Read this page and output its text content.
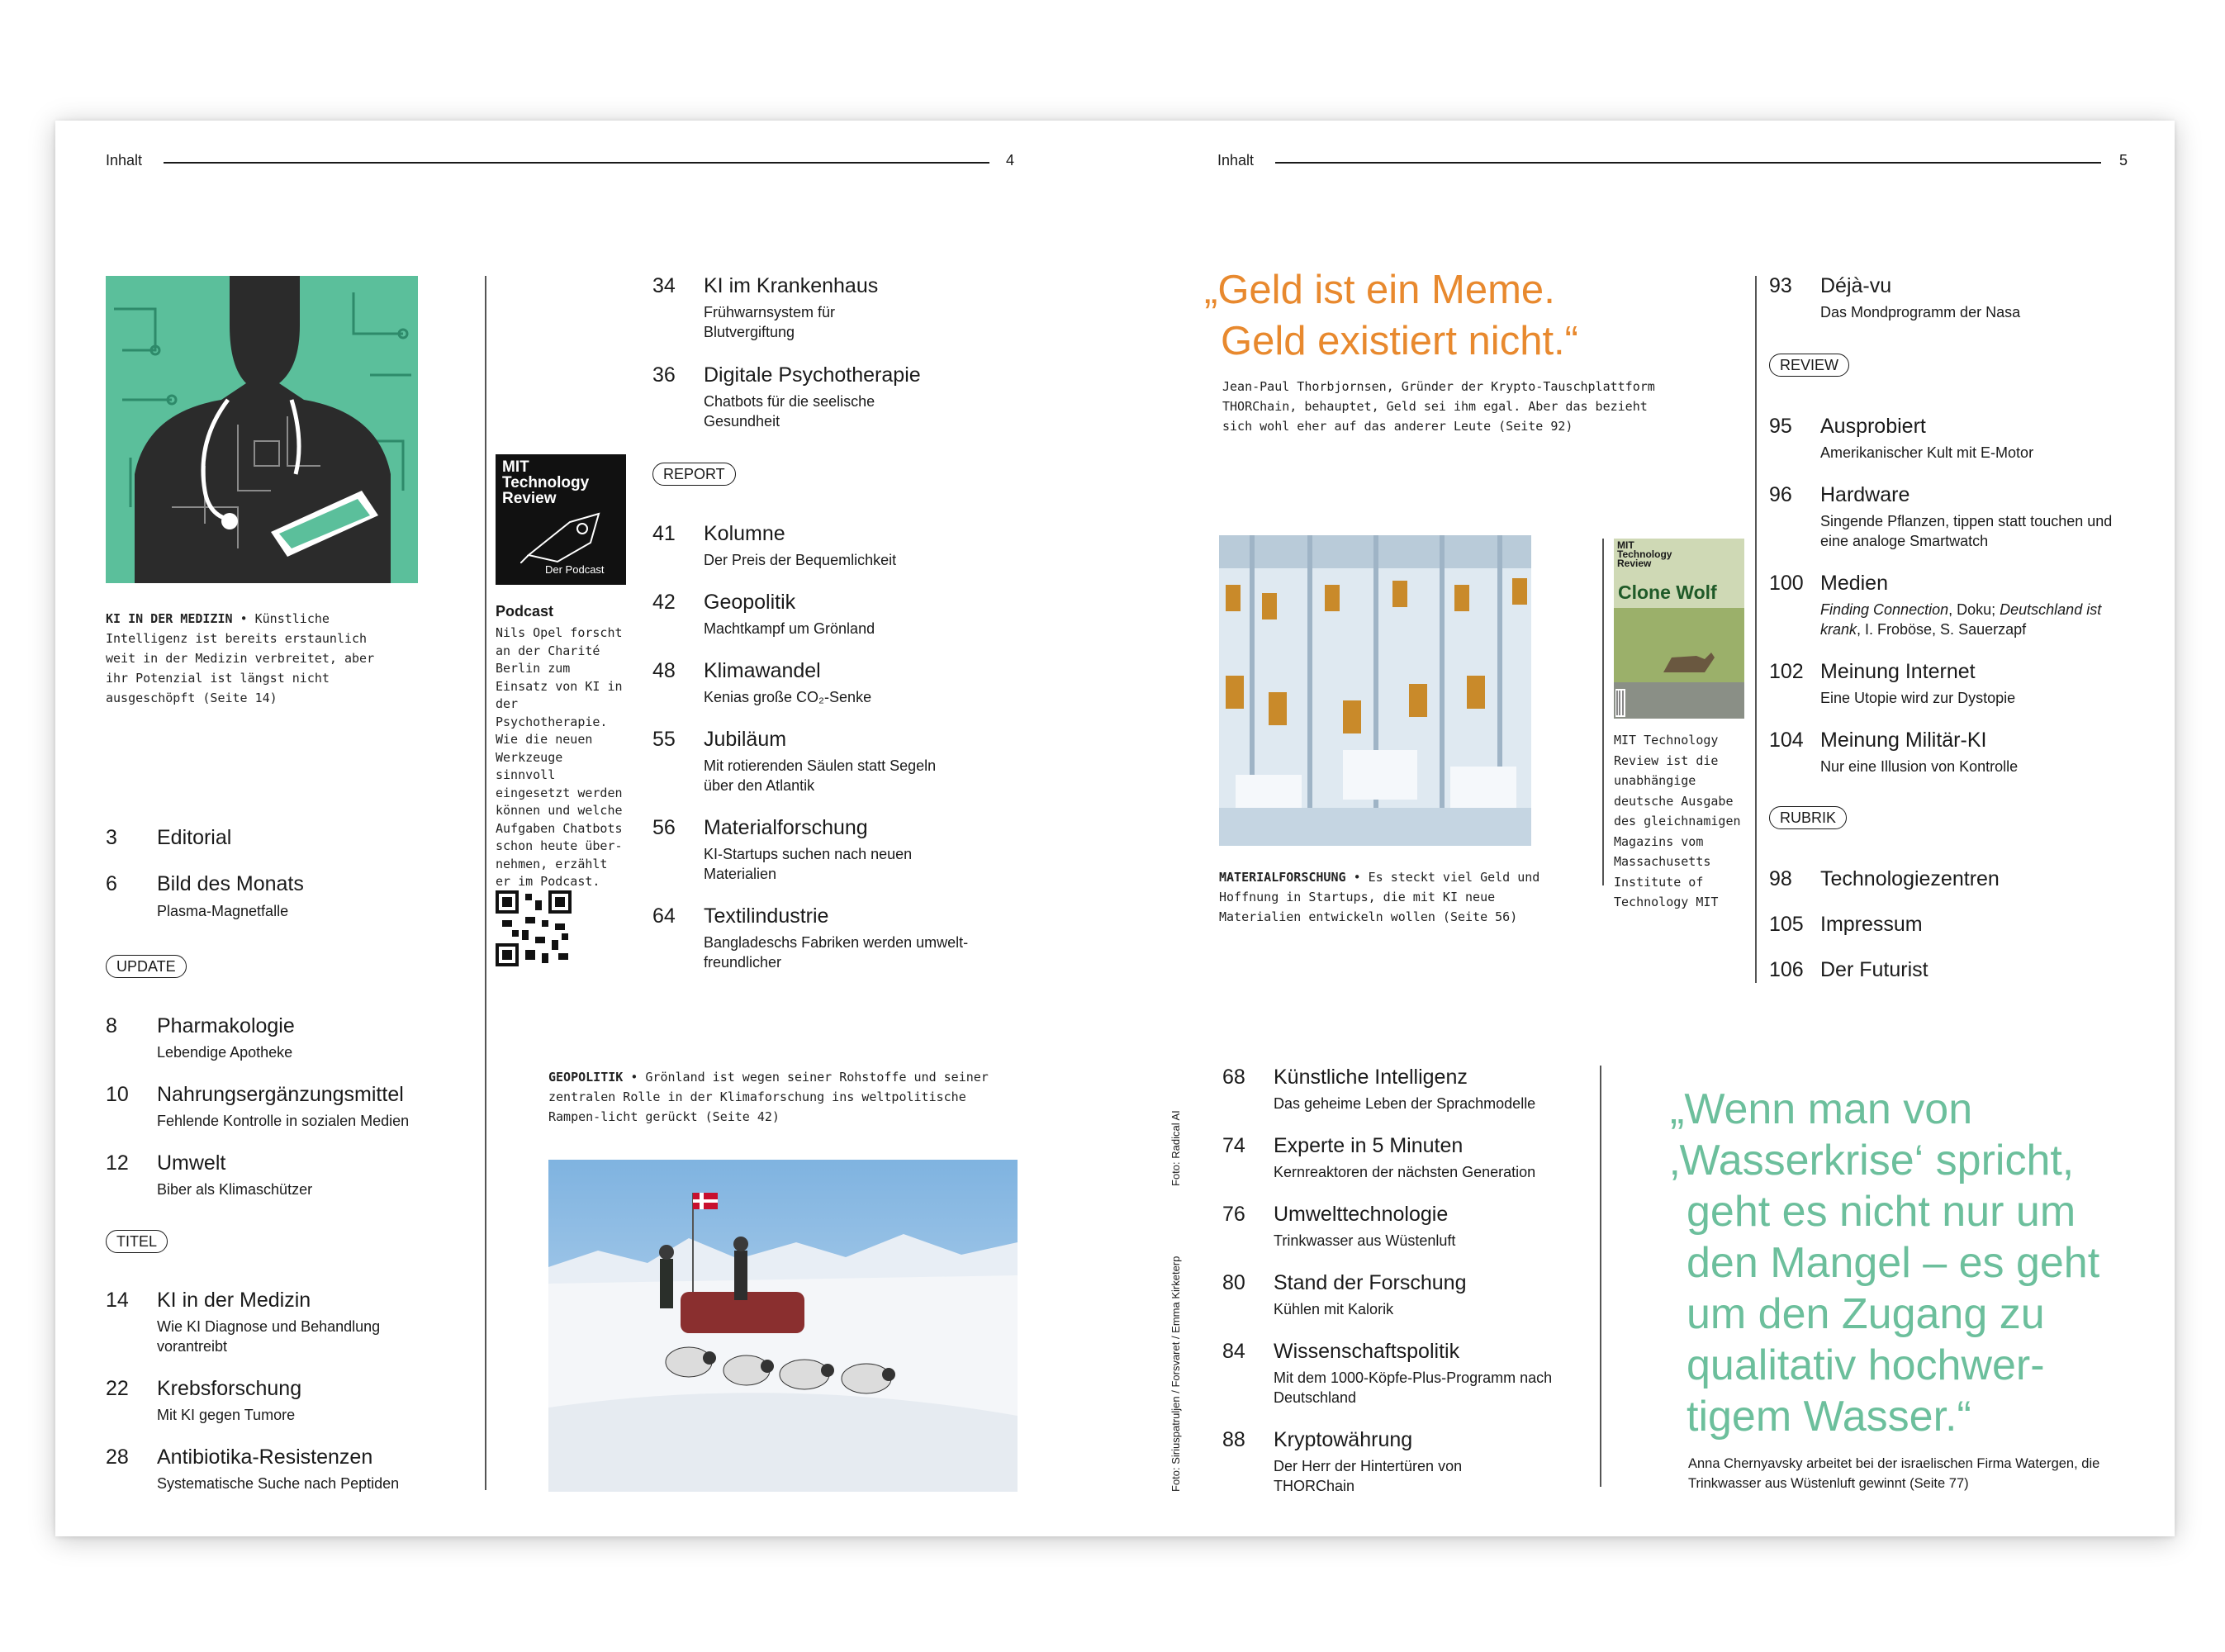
Inhalt	4	Inhalt	5
KI IN DER MEDIZIN • Künstliche Intelligenz ist bereits erstaunlich weit in der Medizin verbreitet, aber ihr Potenzial ist längst nicht ausgeschöpft (Seite 14)
MIT
Technology
Review
Der Podcast
Podcast
Nils Opel forscht an der Charité Berlin zum Einsatz von KI in der Psychotherapie. Wie die neuen Werkzeuge sinnvoll eingesetzt werden können und welche Aufgaben Chatbots schon heute über-nehmen, erzählt er im Podcast.
3 Editorial
6 Bild des Monats
Plasma-Magnetfalle
UPDATE
8 Pharmakologie
Lebendige Apotheke
10 Nahrungsergänzungsmittel
Fehlende Kontrolle in sozialen Medien
12 Umwelt
Biber als Klimaschützer
TITEL
14 KI in der Medizin
Wie KI Diagnose und Behandlung vorantreibt
22 Krebsforschung
Mit KI gegen Tumore
28 Antibiotika-Resistenzen
Systematische Suche nach Peptiden
34 KI im Krankenhaus
Frühwarnsystem für Blutvergiftung
36 Digitale Psychotherapie
Chatbots für die seelische Gesundheit
REPORT
41 Kolumne
Der Preis der Bequemlichkeit
42 Geopolitik
Machtkampf um Grönland
48 Klimawandel
Kenias große CO₂-Senke
55 Jubiläum
Mit rotierenden Säulen statt Segeln über den Atlantik
56 Materialforschung
KI-Startups suchen nach neuen Materialien
64 Textilindustrie
Bangladeschs Fabriken werden umwelt-freundlicher
GEOPOLITIK • Grönland ist wegen seiner Rohstoffe und seiner zentralen Rolle in der Klimaforschung ins weltpolitische Rampen-licht gerückt (Seite 42)
„Geld ist ein Meme.
Geld existiert nicht.“
Jean-Paul Thorbjornsen, Gründer der Krypto-Tauschplattform THORChain, behauptet, Geld sei ihm egal. Aber das bezieht sich wohl eher auf das anderer Leute (Seite 92)
MATERIALFORSCHUNG • Es steckt viel Geld und Hoffnung in Startups, die mit KI neue Materialien entwickeln wollen (Seite 56)
MIT
Technology
Review
Clone Wolf
MIT Technology Review ist die unabhängige deutsche Ausgabe des gleichnamigen Magazins vom Massachusetts Institute of Technology MIT
Foto: Radical AI
Foto: Siriuspatruljen / Forsvaret / Emma Kirketerp
68 Künstliche Intelligenz
Das geheime Leben der Sprachmodelle
74 Experte in 5 Minuten
Kernreaktoren der nächsten Generation
76 Umwelttechnologie
Trinkwasser aus Wüstenluft
80 Stand der Forschung
Kühlen mit Kalorik
84 Wissenschaftspolitik
Mit dem 1000-Köpfe-Plus-Programm nach Deutschland
88 Kryptowährung
Der Herr der Hintertüren von THORChain
93 Déjà-vu
Das Mondprogramm der Nasa
REVIEW
95 Ausprobiert
Amerikanischer Kult mit E-Motor
96 Hardware
Singende Pflanzen, tippen statt touchen und eine analoge Smartwatch
100 Medien
Finding Connection, Doku; Deutschland ist krank, I. Froböse, S. Sauerzapf
102 Meinung Internet
Eine Utopie wird zur Dystopie
104 Meinung Militär-KI
Nur eine Illusion von Kontrolle
RUBRIK
98 Technologiezentren
105 Impressum
106 Der Futurist
„Wenn man von
‚Wasserkrise‘ spricht,
geht es nicht nur um
den Mangel – es geht
um den Zugang zu
qualitativ hochwer-
tigem Wasser.“
Anna Chernyavsky arbeitet bei der israelischen Firma Watergen, die Trinkwasser aus Wüstenluft gewinnt (Seite 77)
